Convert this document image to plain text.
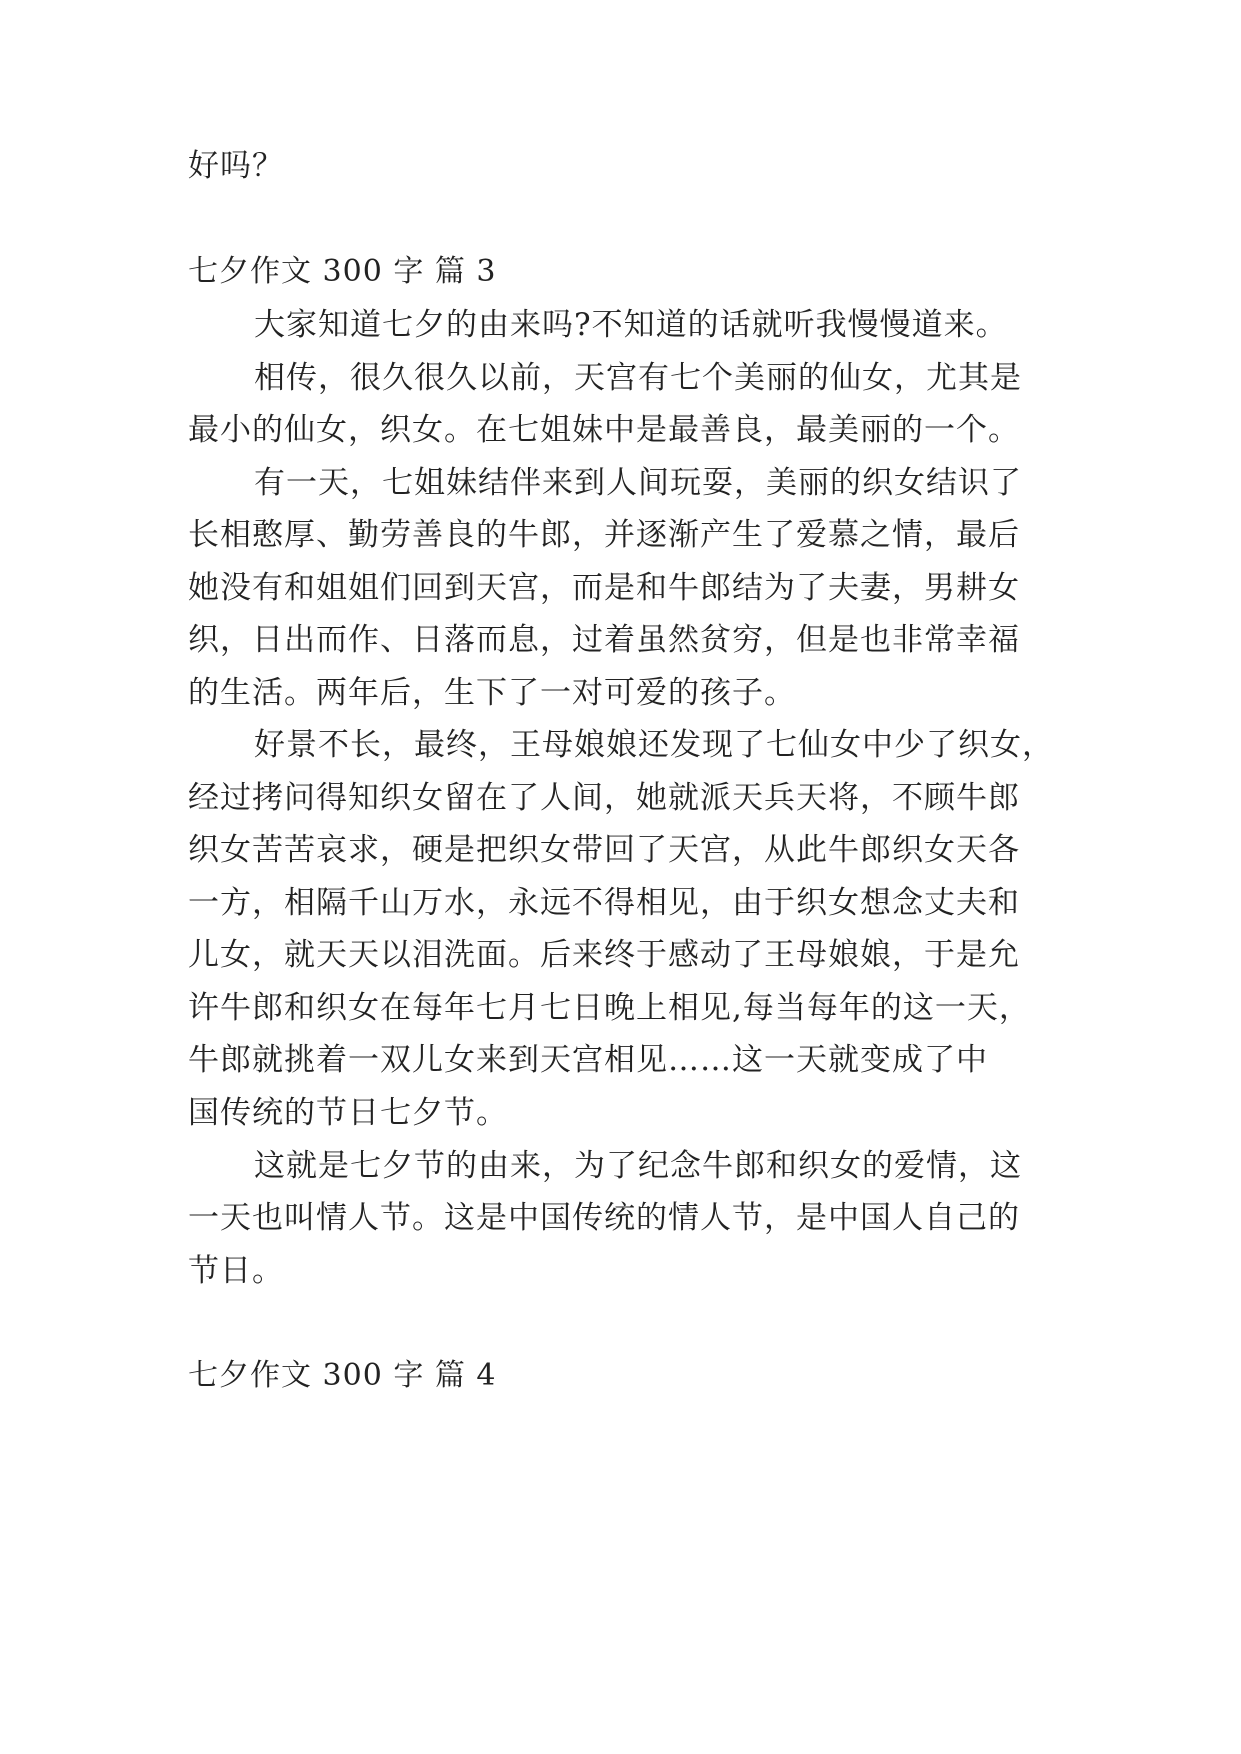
好吗？
七夕作文 300 字 篇 3
大家知道七夕的由来吗?不知道的话就听我慢慢道来。
相传，很久很久以前，天宫有七个美丽的仙女，尤其是
最小的仙女，织女。在七姐妹中是最善良，最美丽的一个。
有一天，七姐妹结伴来到人间玩耍，美丽的织女结识了
长相憨厚、勤劳善良的牛郎，并逐渐产生了爱慕之情，最后
她没有和姐姐们回到天宫，而是和牛郎结为了夫妻，男耕女
织，日出而作、日落而息，过着虽然贫穷，但是也非常幸福
的生活。两年后，生下了一对可爱的孩子。
好景不长，最终，王母娘娘还发现了七仙女中少了织女，
经过拷问得知织女留在了人间，她就派天兵天将，不顾牛郎
织女苦苦哀求，硬是把织女带回了天宫，从此牛郎织女天各
一方，相隔千山万水，永远不得相见，由于织女想念丈夫和
儿女，就天天以泪洗面。后来终于感动了王母娘娘，于是允
许牛郎和织女在每年七月七日晚上相见,每当每年的这一天，
牛郎就挑着一双儿女来到天宫相见……这一天就变成了中
国传统的节日七夕节。
这就是七夕节的由来，为了纪念牛郎和织女的爱情，这
一天也叫情人节。这是中国传统的情人节，是中国人自己的
节日。
七夕作文 300 字 篇 4
